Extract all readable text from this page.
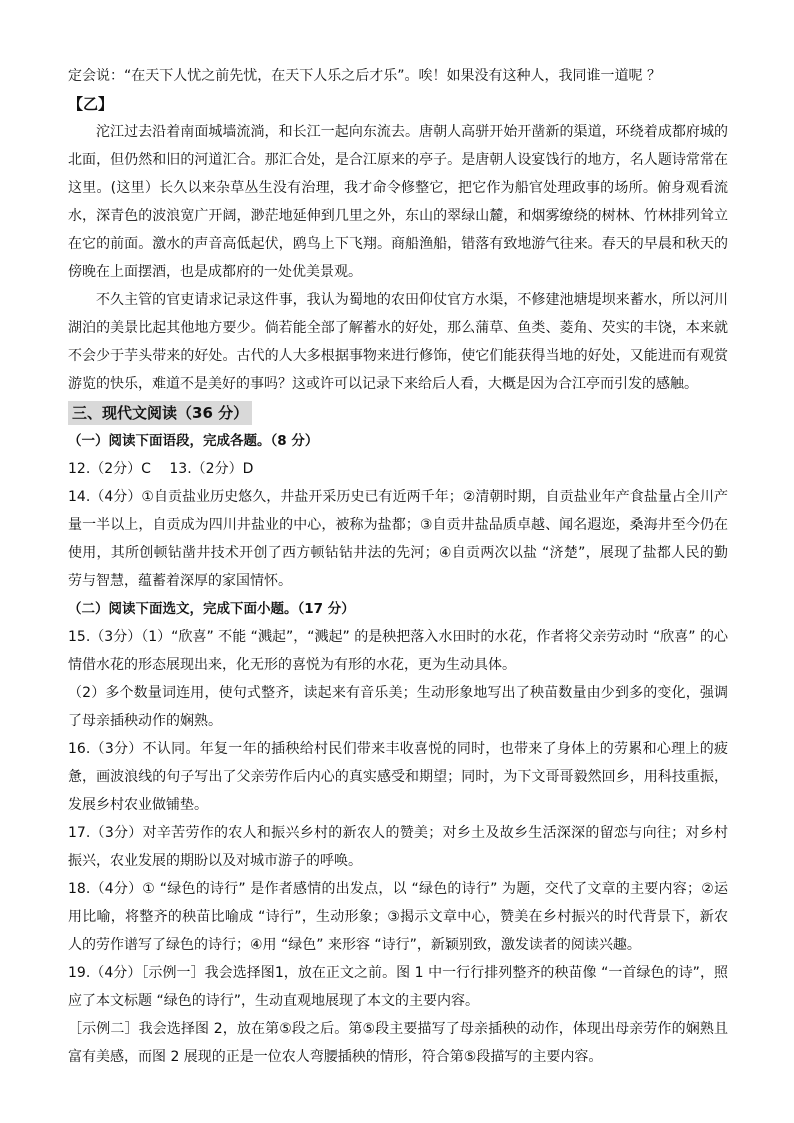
定会说：“在天下人忧之前先忧，在天下人乐之后才乐”。唉！如果没有这种人，我同谁一道呢 ？

【乙】

沱江过去沿着南面城墙流淌，和长江一起向东流去。唐朝人高骈开始开凿新的渠道，环绕着成都府城的北面，但仍然和旧的河道汇合。那汇合处，是合江原来的亭子。是唐朝人设宴饯行的地方，名人题诗常常在这里。(这里）长久以来杂草丛生没有治理，我才命令修整它，把它作为船官处理政事的场所。俯身观看流水，深青色的波浪宽广开阔，渺茫地延伸到几里之外，东山的翠绿山麓，和烟雾缭绕的树林、竹林排列耸立在它的前面。激水的声音高低起伏，鸥鸟上下飞翔。商船渔船，错落有致地游气往来。春天的早晨和秋天的傍晚在上面摆酒，也是成都府的一处优美景观。

不久主管的官吏请求记录这件事，我认为蜀地的农田仰仗官方水渠，不修建池塘堤坝来蓄水，所以河川湖泊的美景比起其他地方要少。倘若能全部了解蓄水的好处，那么蒲草、鱼类、菱角、芡实的丰饶，本来就不会少于芋头带来的好处。古代的人大多根据事物来进行修饰，使它们能获得当地的好处，又能进而有观赏游览的快乐，难道不是美好的事吗？这或许可以记录下来给后人看，大概是因为合江亭而引发的感触。

三、现代文阅读（36 分）

（一）阅读下面语段，完成各题。（8 分）

12.（2分）C　 13.（2分）D

14.（4分）①自贡盐业历史悠久，井盐开采历史已有近两千年；②清朝时期，自贡盐业年产食盐量占全川产量一半以上，自贡成为四川井盐业的中心，被称为盐都；③自贡井盐品质卓越、闻名遐迩，桑海井至今仍在使用，其所创顿钻凿井技术开创了西方顿钻钻井法的先河；④自贡两次以盐 “济楚”，展现了盐都人民的勤劳与智慧，蕴蓄着深厚的家国情怀。

（二）阅读下面选文，完成下面小题。（17 分）

15.（3分）（1）“欣喜” 不能 “溅起”，“溅起” 的是秧把落入水田时的水花，作者将父亲劳动时 “欣喜” 的心情借水花的形态展现出来，化无形的喜悦为有形的水花，更为生动具体。

（2）多个数量词连用，使句式整齐，读起来有音乐美；生动形象地写出了秧苗数量由少到多的变化，强调了母亲插秧动作的娴熟。

16.（3分）不认同。年复一年的插秧给村民们带来丰收喜悦的同时，也带来了身体上的劳累和心理上的疲惫，画波浪线的句子写出了父亲劳作后内心的真实感受和期望；同时，为下文哥哥毅然回乡，用科技重振，发展乡村农业做铺垫。

17.（3分）对辛苦劳作的农人和振兴乡村的新农人的赞美；对乡土及故乡生活深深的留恋与向往；对乡村振兴，农业发展的期盼以及对城市游子的呼唤。

18.（4分）① “绿色的诗行” 是作者感情的出发点，以 “绿色的诗行” 为题，交代了文章的主要内容；②运用比喻，将整齐的秧苗比喻成 “诗行”，生动形象；③揭示文章中心，赞美在乡村振兴的时代背景下，新农人的劳作谱写了绿色的诗行；④用 “绿色” 来形容 “诗行”，新颖别致，激发读者的阅读兴趣。

19.（4分）［示例一］我会选择图1，放在正文之前。图 1 中一行行排列整齐的秧苗像 “一首绿色的诗”，照应了本文标题 “绿色的诗行”，生动直观地展现了本文的主要内容。

［示例二］我会选择图 2，放在第⑤段之后。第⑤段主要描写了母亲插秧的动作，体现出母亲劳作的娴熟且富有美感，而图 2 展现的正是一位农人弯腰插秧的情形，符合第⑤段描写的主要内容。
